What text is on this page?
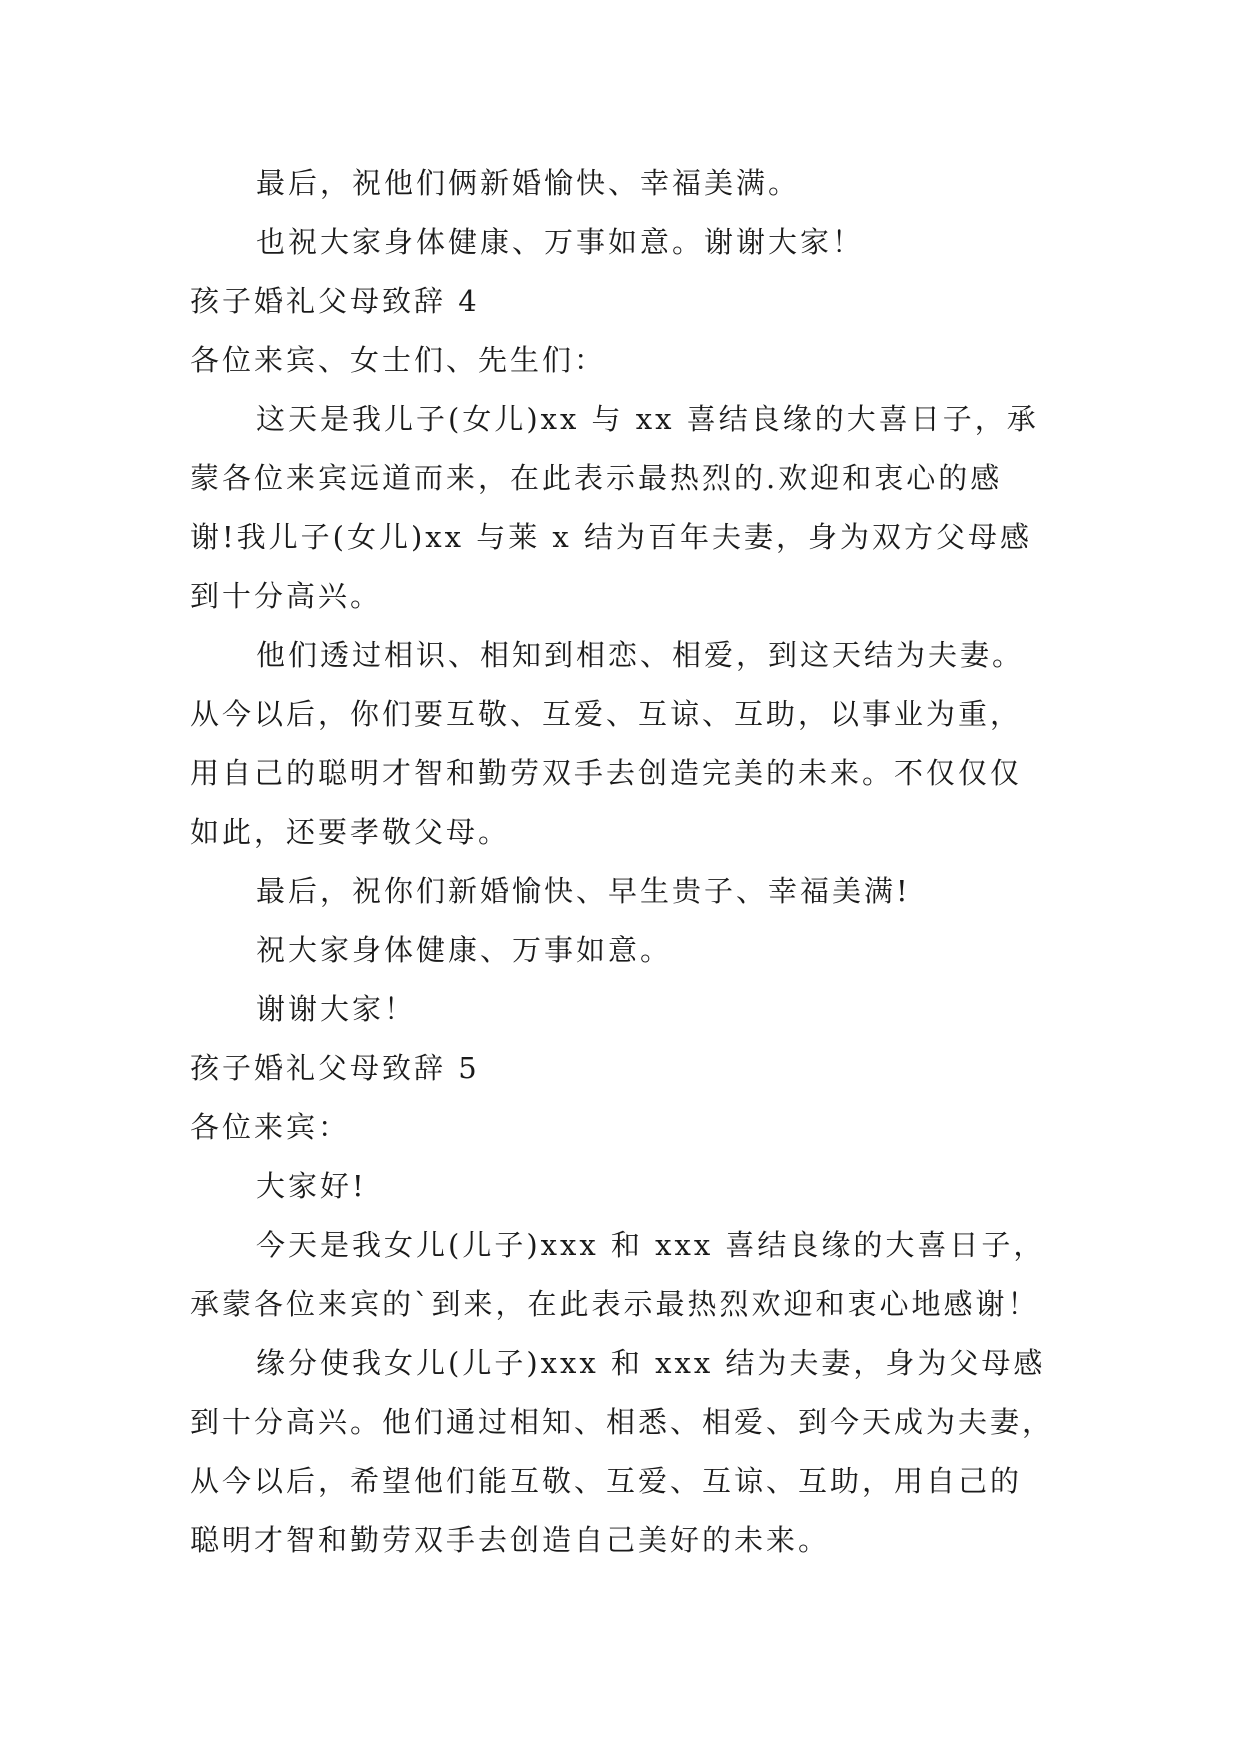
最后，祝他们俩新婚愉快、幸福美满。
也祝大家身体健康、万事如意。谢谢大家！
孩子婚礼父母致辞 4
各位来宾、女士们、先生们：
这天是我儿子(女儿)xx 与 xx 喜结良缘的大喜日子，承
蒙各位来宾远道而来，在此表示最热烈的.欢迎和衷心的感
谢!我儿子(女儿)xx 与莱 x 结为百年夫妻，身为双方父母感
到十分高兴。
他们透过相识、相知到相恋、相爱，到这天结为夫妻。
从今以后，你们要互敬、互爱、互谅、互助，以事业为重，
用自己的聪明才智和勤劳双手去创造完美的未来。不仅仅仅
如此，还要孝敬父母。
最后，祝你们新婚愉快、早生贵子、幸福美满!
祝大家身体健康、万事如意。
谢谢大家！
孩子婚礼父母致辞 5
各位来宾：
大家好!
今天是我女儿(儿子)xxx 和 xxx 喜结良缘的大喜日子，
承蒙各位来宾的`到来，在此表示最热烈欢迎和衷心地感谢！
缘分使我女儿(儿子)xxx 和 xxx 结为夫妻，身为父母感
到十分高兴。他们通过相知、相悉、相爱、到今天成为夫妻，
从今以后，希望他们能互敬、互爱、互谅、互助，用自己的
聪明才智和勤劳双手去创造自己美好的未来。
